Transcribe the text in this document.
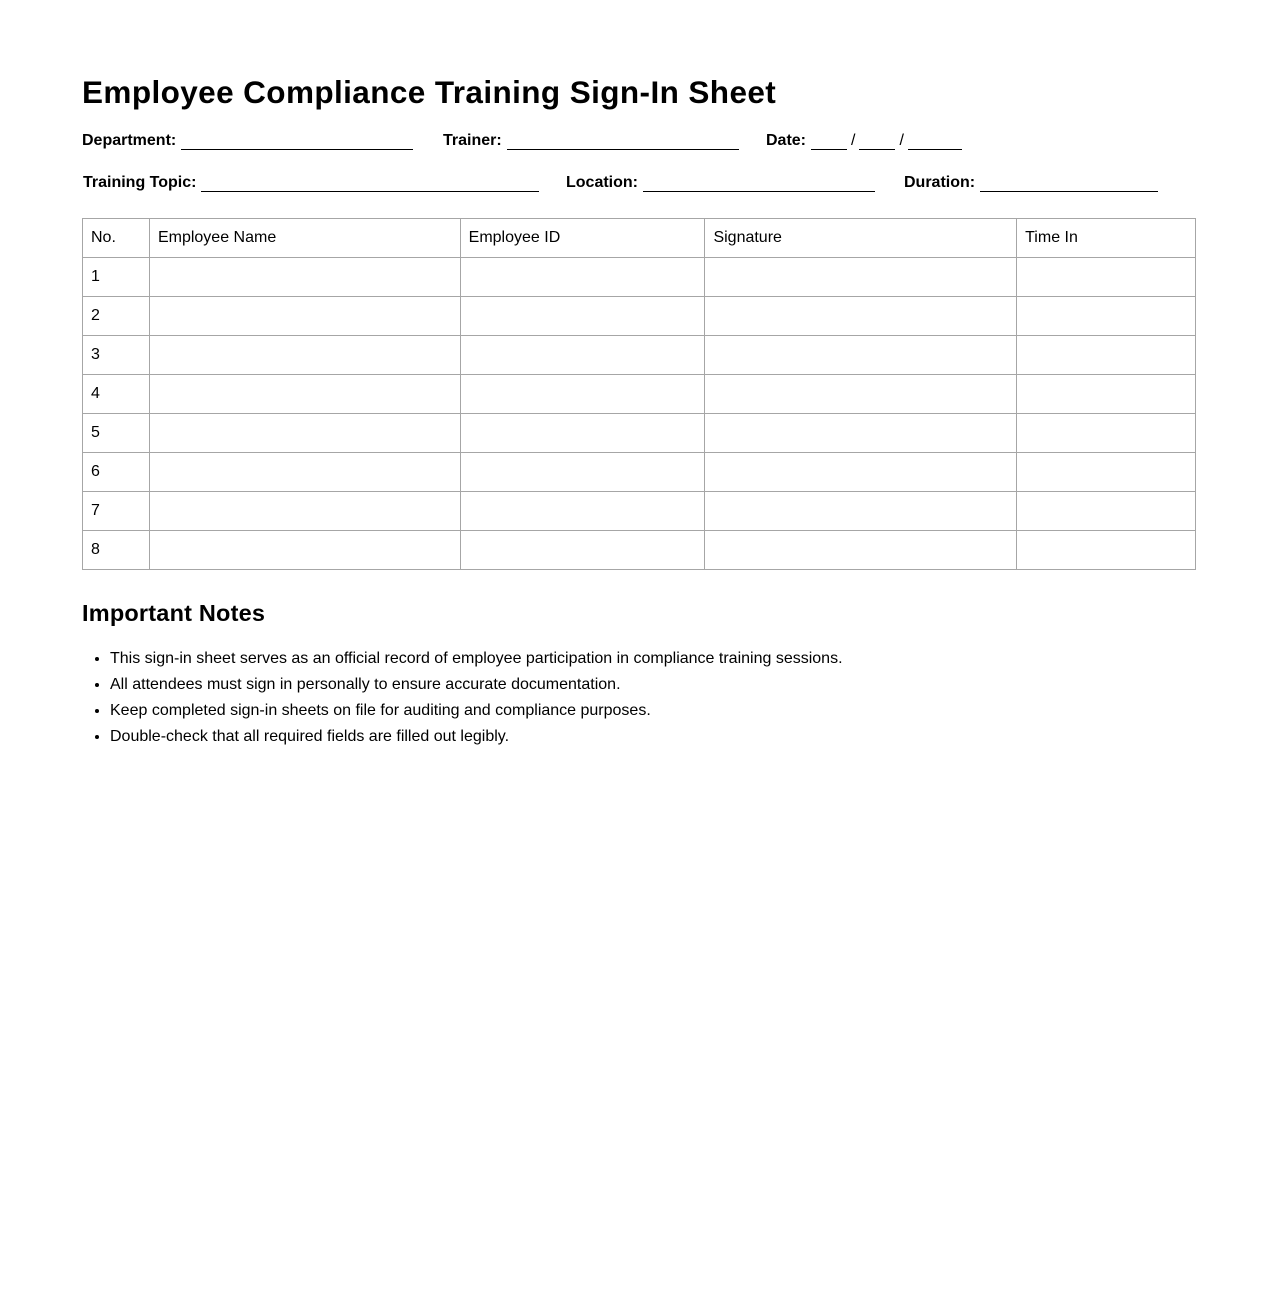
Employee Compliance Training Sign-In Sheet
Department:	Trainer:	Date:	/	/
Training Topic:	Location:	Duration:
No.	Employee Name	Employee ID	Signature	Time In
1				
2				
3				
4				
5				
6				
7				
8				
Important Notes
• This sign-in sheet serves as an official record of employee participation in compliance training sessions.
• All attendees must sign in personally to ensure accurate documentation.
• Keep completed sign-in sheets on file for auditing and compliance purposes.
• Double-check that all required fields are filled out legibly.
